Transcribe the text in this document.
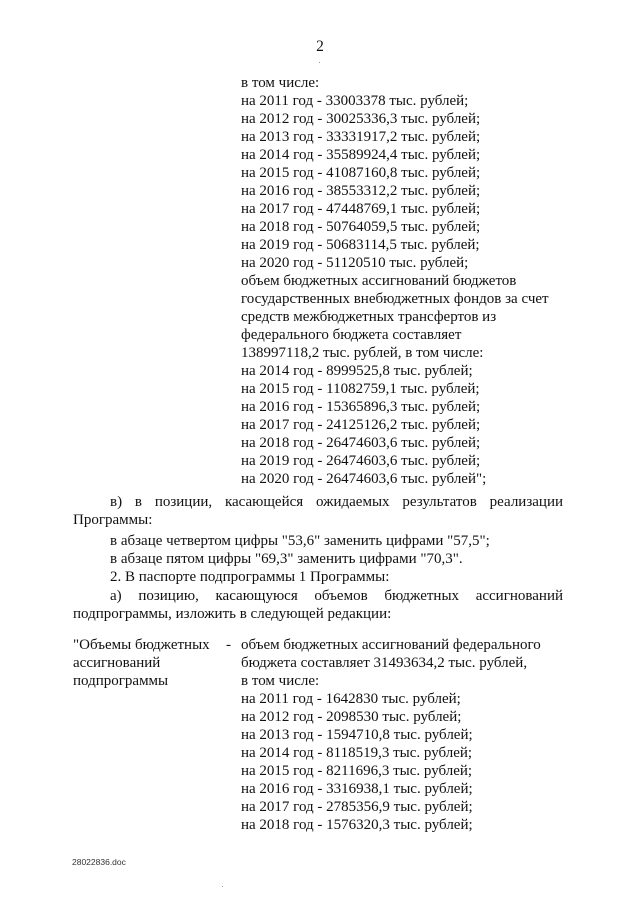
2
в том числе:
на 2011 год - 33003378 тыс. рублей;
на 2012 год - 30025336,3 тыс. рублей;
на 2013 год - 33331917,2 тыс. рублей;
на 2014 год - 35589924,4 тыс. рублей;
на 2015 год - 41087160,8 тыс. рублей;
на 2016 год - 38553312,2 тыс. рублей;
на 2017 год - 47448769,1 тыс. рублей;
на 2018 год - 50764059,5 тыс. рублей;
на 2019 год - 50683114,5 тыс. рублей;
на 2020 год - 51120510 тыс. рублей;
объем бюджетных ассигнований бюджетов
государственных внебюджетных фондов за счет
средств межбюджетных трансфертов из
федерального бюджета составляет
138997118,2 тыс. рублей, в том числе:
на 2014 год - 8999525,8 тыс. рублей;
на 2015 год - 11082759,1 тыс. рублей;
на 2016 год - 15365896,3 тыс. рублей;
на 2017 год - 24125126,2 тыс. рублей;
на 2018 год - 26474603,6 тыс. рублей;
на 2019 год - 26474603,6 тыс. рублей;
на 2020 год - 26474603,6 тыс. рублей";
в) в позиции, касающейся ожидаемых результатов реализации
Программы:
в абзаце четвертом цифры "53,6" заменить цифрами "57,5";
в абзаце пятом цифры "69,3" заменить цифрами "70,3".
2. В паспорте подпрограммы 1 Программы:
а) позицию, касающуюся объемов бюджетных ассигнований
подпрограммы, изложить в следующей редакции:
"Объемы бюджетных
ассигнований
подпрограммы
- объем бюджетных ассигнований федерального
бюджета составляет 31493634,2 тыс. рублей,
в том числе:
на 2011 год - 1642830 тыс. рублей;
на 2012 год - 2098530 тыс. рублей;
на 2013 год - 1594710,8 тыс. рублей;
на 2014 год - 8118519,3 тыс. рублей;
на 2015 год - 8211696,3 тыс. рублей;
на 2016 год - 3316938,1 тыс. рублей;
на 2017 год - 2785356,9 тыс. рублей;
на 2018 год - 1576320,3 тыс. рублей;
28022836.doc
